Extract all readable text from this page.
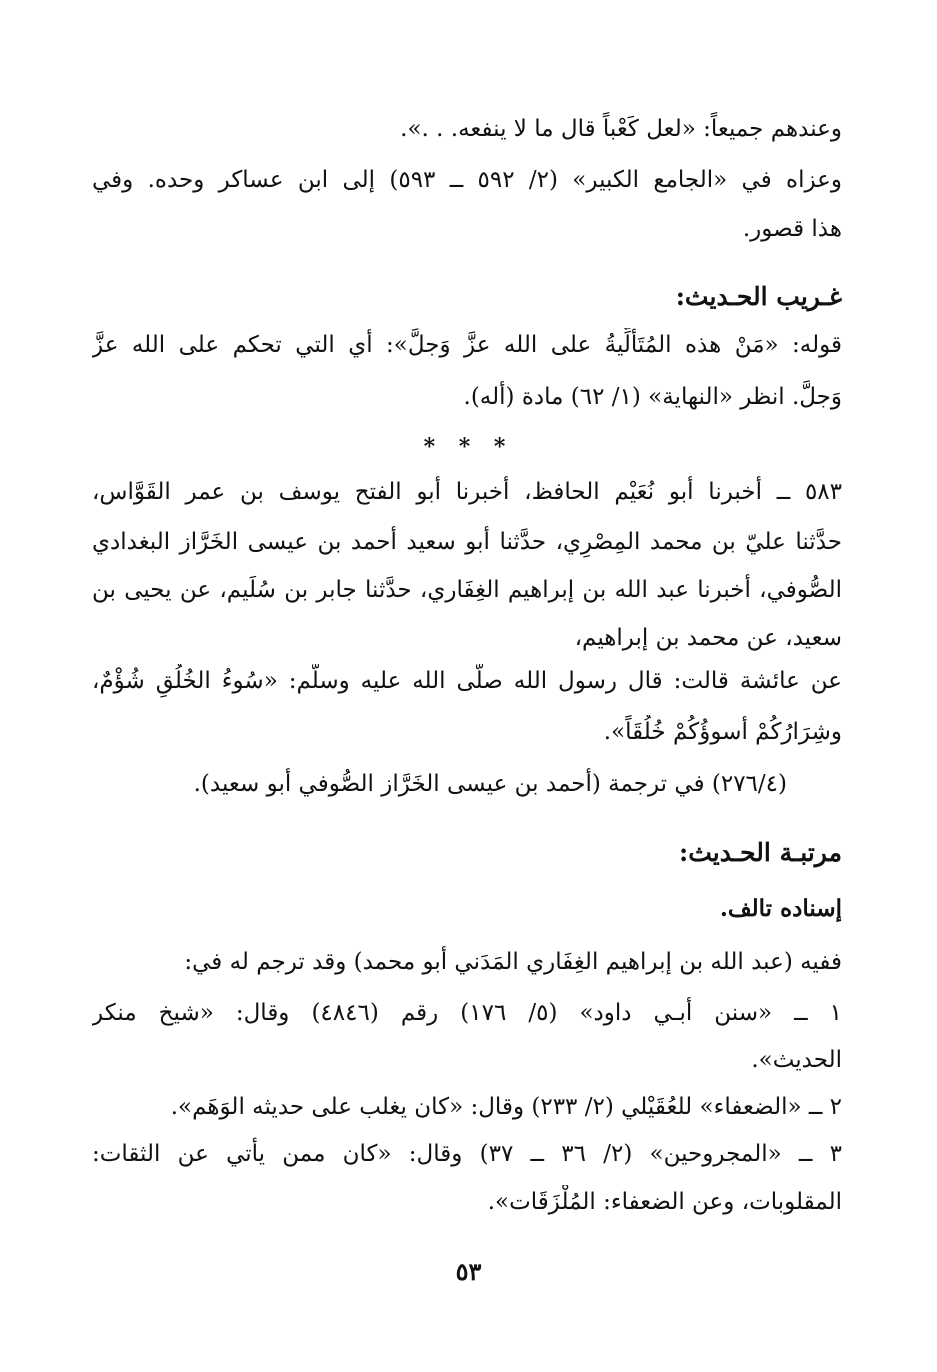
وعندهم جميعاً: «لعل كَعْباً قال ما لا ينفعه. . .».
وعزاه في «الجامع الكبير» (٢/ ٥٩٢ ــ ٥٩٣) إلى ابن عساكر وحده. وفي
هذا قصور.
غـريب الحـديث:
قوله: «مَنْ هذه المُتَألِّيةُ على الله عزَّ وَجلَّ»: أي التي تحكم على الله عزَّ
وَجلَّ. انظر «النهاية» (١/ ٦٢) مادة (أله).
* * *
٥٨٣ ــ أخبرنا أبو نُعَيْم الحافظ، أخبرنا أبو الفتح يوسف بن عمر القَوَّاس،
حدَّثنا عليّ بن محمد المِصْرِي، حدَّثنا أبو سعيد أحمد بن عيسى الخَرَّاز البغدادي
الصُّوفي، أخبرنا عبد الله بن إبراهيم الغِفَاري، حدَّثنا جابر بن سُلَيم، عن يحيى بن
سعيد، عن محمد بن إبراهيم،
عن عائشة قالت: قال رسول الله صلَّى الله عليه وسلَّم: «سُوءُ الخُلُقِ شُؤْمٌ،
وشِرَارُكُمْ أسوؤُكُمْ خُلُقَاً».
(٢٧٦/٤) في ترجمة (أحمد بن عيسى الخَرَّاز الصُّوفي أبو سعيد).
مرتبـة الحـديث:
إسناده تالف.
ففيه (عبد الله بن إبراهيم الغِفَاري المَدَني أبو محمد) وقد ترجم له في:
١ ــ «سنن أبـي داود» (٥/ ١٧٦) رقم (٤٨٤٦) وقال: «شيخ منكر
الحديث».
٢ ــ «الضعفاء» للعُقَيْلي (٢/ ٢٣٣) وقال: «كان يغلب على حديثه الوَهَم».
٣ ــ «المجروحين» (٢/ ٣٦ ــ ٣٧) وقال: «كان ممن يأتي عن الثقات:
المقلوبات، وعن الضعفاء: المُلْزَقَات».
٥٣
